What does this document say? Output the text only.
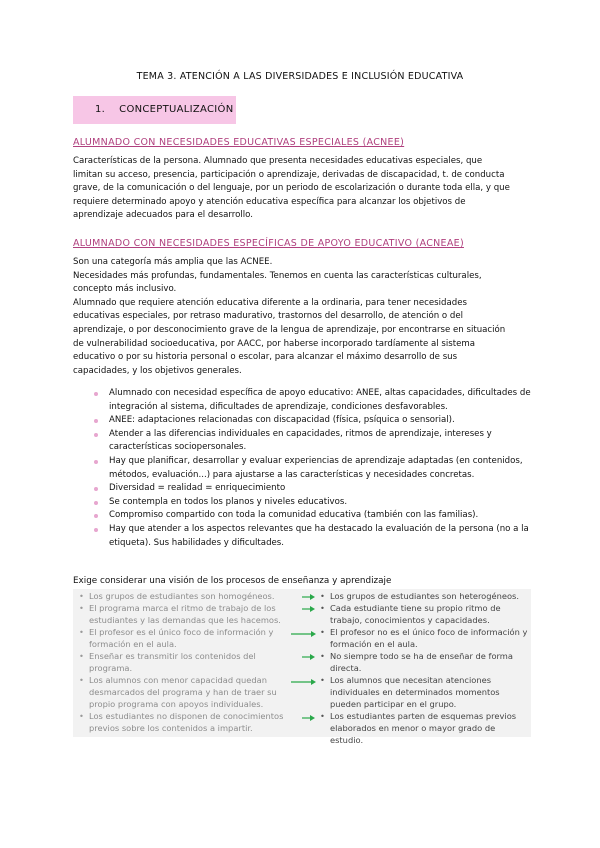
TEMA 3. ATENCIÓN A LAS DIVERSIDADES E INCLUSIÓN EDUCATIVA
1. CONCEPTUALIZACIÓN
ALUMNADO CON NECESIDADES EDUCATIVAS ESPECIALES (ACNEE)

Características de la persona. Alumnado que presenta necesidades educativas especiales, que

limitan su acceso, presencia, participación o aprendizaje, derivadas de discapacidad, t. de conducta

grave, de la comunicación o del lenguaje, por un periodo de escolarización o durante toda ella, y que

requiere determinado apoyo y atención educativa específica para alcanzar los objetivos de

aprendizaje adecuados para el desarrollo.

ALUMNADO CON NECESIDADES ESPECÍFICAS DE APOYO EDUCATIVO (ACNEAE)

Son una categoría más amplia que las ACNEE.

Necesidades más profundas, fundamentales. Tenemos en cuenta las características culturales,

concepto más inclusivo.

Alumnado que requiere atención educativa diferente a la ordinaria, para tener necesidades

educativas especiales, por retraso madurativo, trastornos del desarrollo, de atención o del

aprendizaje, o por desconocimiento grave de la lengua de aprendizaje, por encontrarse en situación

de vulnerabilidad socioeducativa, por AACC, por haberse incorporado tardíamente al sistema

educativo o por su historia personal o escolar, para alcanzar el máximo desarrollo de sus

capacidades, y los objetivos generales.

Alumnado con necesidad específica de apoyo educativo: ANEE, altas capacidades, dificultades de integración al sistema, dificultades de aprendizaje, condiciones desfavorables.
ANEE: adaptaciones relacionadas con discapacidad (física, psíquica o sensorial).
Atender a las diferencias individuales en capacidades, ritmos de aprendizaje, intereses y características sociopersonales.
Hay que planificar, desarrollar y evaluar experiencias de aprendizaje adaptadas (en contenidos, métodos, evaluación...) para ajustarse a las características y necesidades concretas.
Diversidad = realidad = enriquecimiento
Se contempla en todos los planos y niveles educativos.
Compromiso compartido con toda la comunidad educativa (también con las familias).
Hay que atender a los aspectos relevantes que ha destacado la evaluación de la persona (no a la etiqueta). Sus habilidades y dificultades.
Exige considerar una visión de los procesos de enseñanza y aprendizaje
• Los grupos de estudiantes son homogéneos.
• El programa marca el ritmo de trabajo de los estudiantes y las demandas que les hacemos.
• El profesor es el único foco de información y formación en el aula.
• Enseñar es transmitir los contenidos del programa.
• Los alumnos con menor capacidad quedan desmarcados del programa y han de traer su propio programa con apoyos individuales.
• Los estudiantes no disponen de conocimientos previos sobre los contenidos a impartir.
• Los grupos de estudiantes son heterogéneos.
• Cada estudiante tiene su propio ritmo de trabajo, conocimientos y capacidades.
• El profesor no es el único foco de información y formación en el aula.
• No siempre todo se ha de enseñar de forma directa.
• Los alumnos que necesitan atenciones individuales en determinados momentos pueden participar en el grupo.
• Los estudiantes parten de esquemas previos elaborados en menor o mayor grado de estudio.
